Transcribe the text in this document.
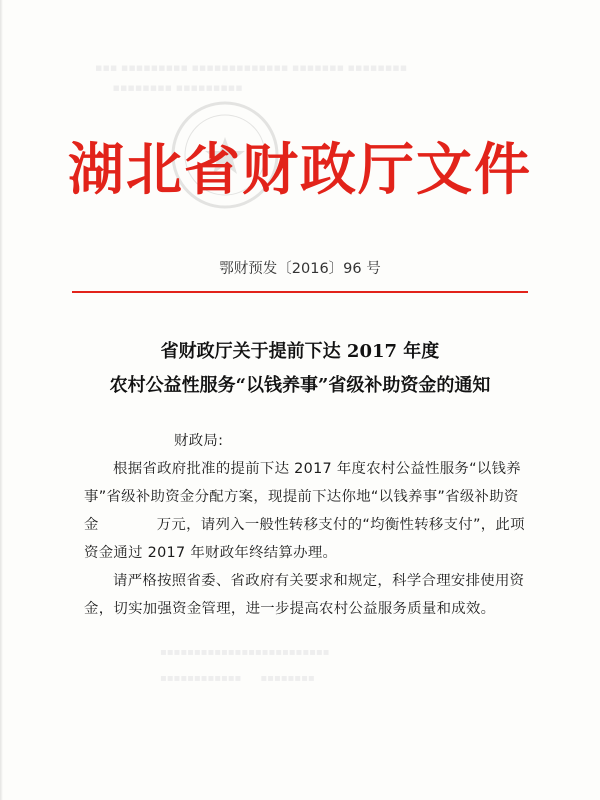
▪▪▪ ▪▪▪▪▪▪▪▪▪ ▪▪▪▪▪▪▪▪▪▪▪▪▪ ▪▪▪▪▪▪▪ ▪▪▪▪▪▪▪▪
▪▪▪▪▪▪▪▪ ▪▪▪▪▪▪▪▪▪
湖北省财政厅文件
鄂财预发〔2016〕96 号
省财政厅关于提前下达 2017 年度
农村公益性服务“以钱养事”省级补助资金的通知

财政局:

根据省政府批准的提前下达 2017 年度农村公益性服务“以钱养事”省级补助资金分配方案，现提前下达你地“以钱养事”省级补助资金	万元，请列入一般性转移支付的“均衡性转移支付”，此项资金通过 2017 年财政年终结算办理。

请严格按照省委、省政府有关要求和规定，科学合理安排使用资金，切实加强资金管理，进一步提高农村公益服务质量和成效。

▪▪▪▪▪▪▪▪▪▪▪▪▪▪▪▪▪▪▪▪▪▪▪▪▪
▪▪▪▪▪▪▪▪▪▪▪▪      ▪▪▪▪▪▪▪▪
